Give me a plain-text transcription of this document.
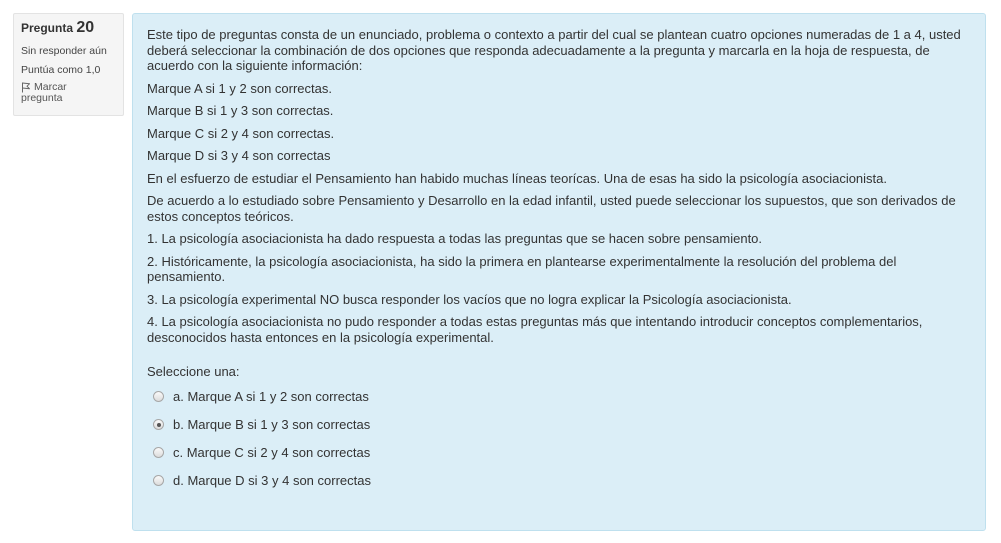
Pregunta 20
Sin responder aún
Puntúa como 1,0
Marcar
pregunta

Este tipo de preguntas consta de un enunciado, problema o contexto a partir del cual se plantean cuatro opciones numeradas de 1 a 4, usted deberá seleccionar la combinación de dos opciones que responda adecuadamente a la pregunta y marcarla en la hoja de respuesta, de acuerdo con la siguiente información:

Marque A si 1 y 2 son correctas.

Marque B si 1 y 3 son correctas.

Marque C si 2 y 4 son correctas.

Marque D si 3 y 4 son correctas

En el esfuerzo de estudiar el Pensamiento han habido muchas líneas teorícas. Una de esas ha sido la psicología asociacionista.

De acuerdo a lo estudiado sobre Pensamiento y Desarrollo en la edad infantil, usted puede seleccionar los supuestos, que son derivados de estos conceptos teóricos.

1. La psicología asociacionista ha dado respuesta a todas las preguntas que se hacen sobre pensamiento.

2. Históricamente, la psicología asociacionista, ha sido la primera en plantearse experimentalmente la resolución del problema del pensamiento.

3. La psicología experimental NO busca responder los vacíos que no logra explicar la Psicología asociacionista.

4. La psicología asociacionista no pudo responder a todas estas preguntas más que intentando introducir conceptos complementarios, desconocidos hasta entonces en la psicología experimental.

Seleccione una:
a. Marque A si 1 y 2 son correctas
b. Marque B si 1 y 3 son correctas
c. Marque C si 2 y 4 son correctas
d. Marque D si 3 y 4 son correctas
